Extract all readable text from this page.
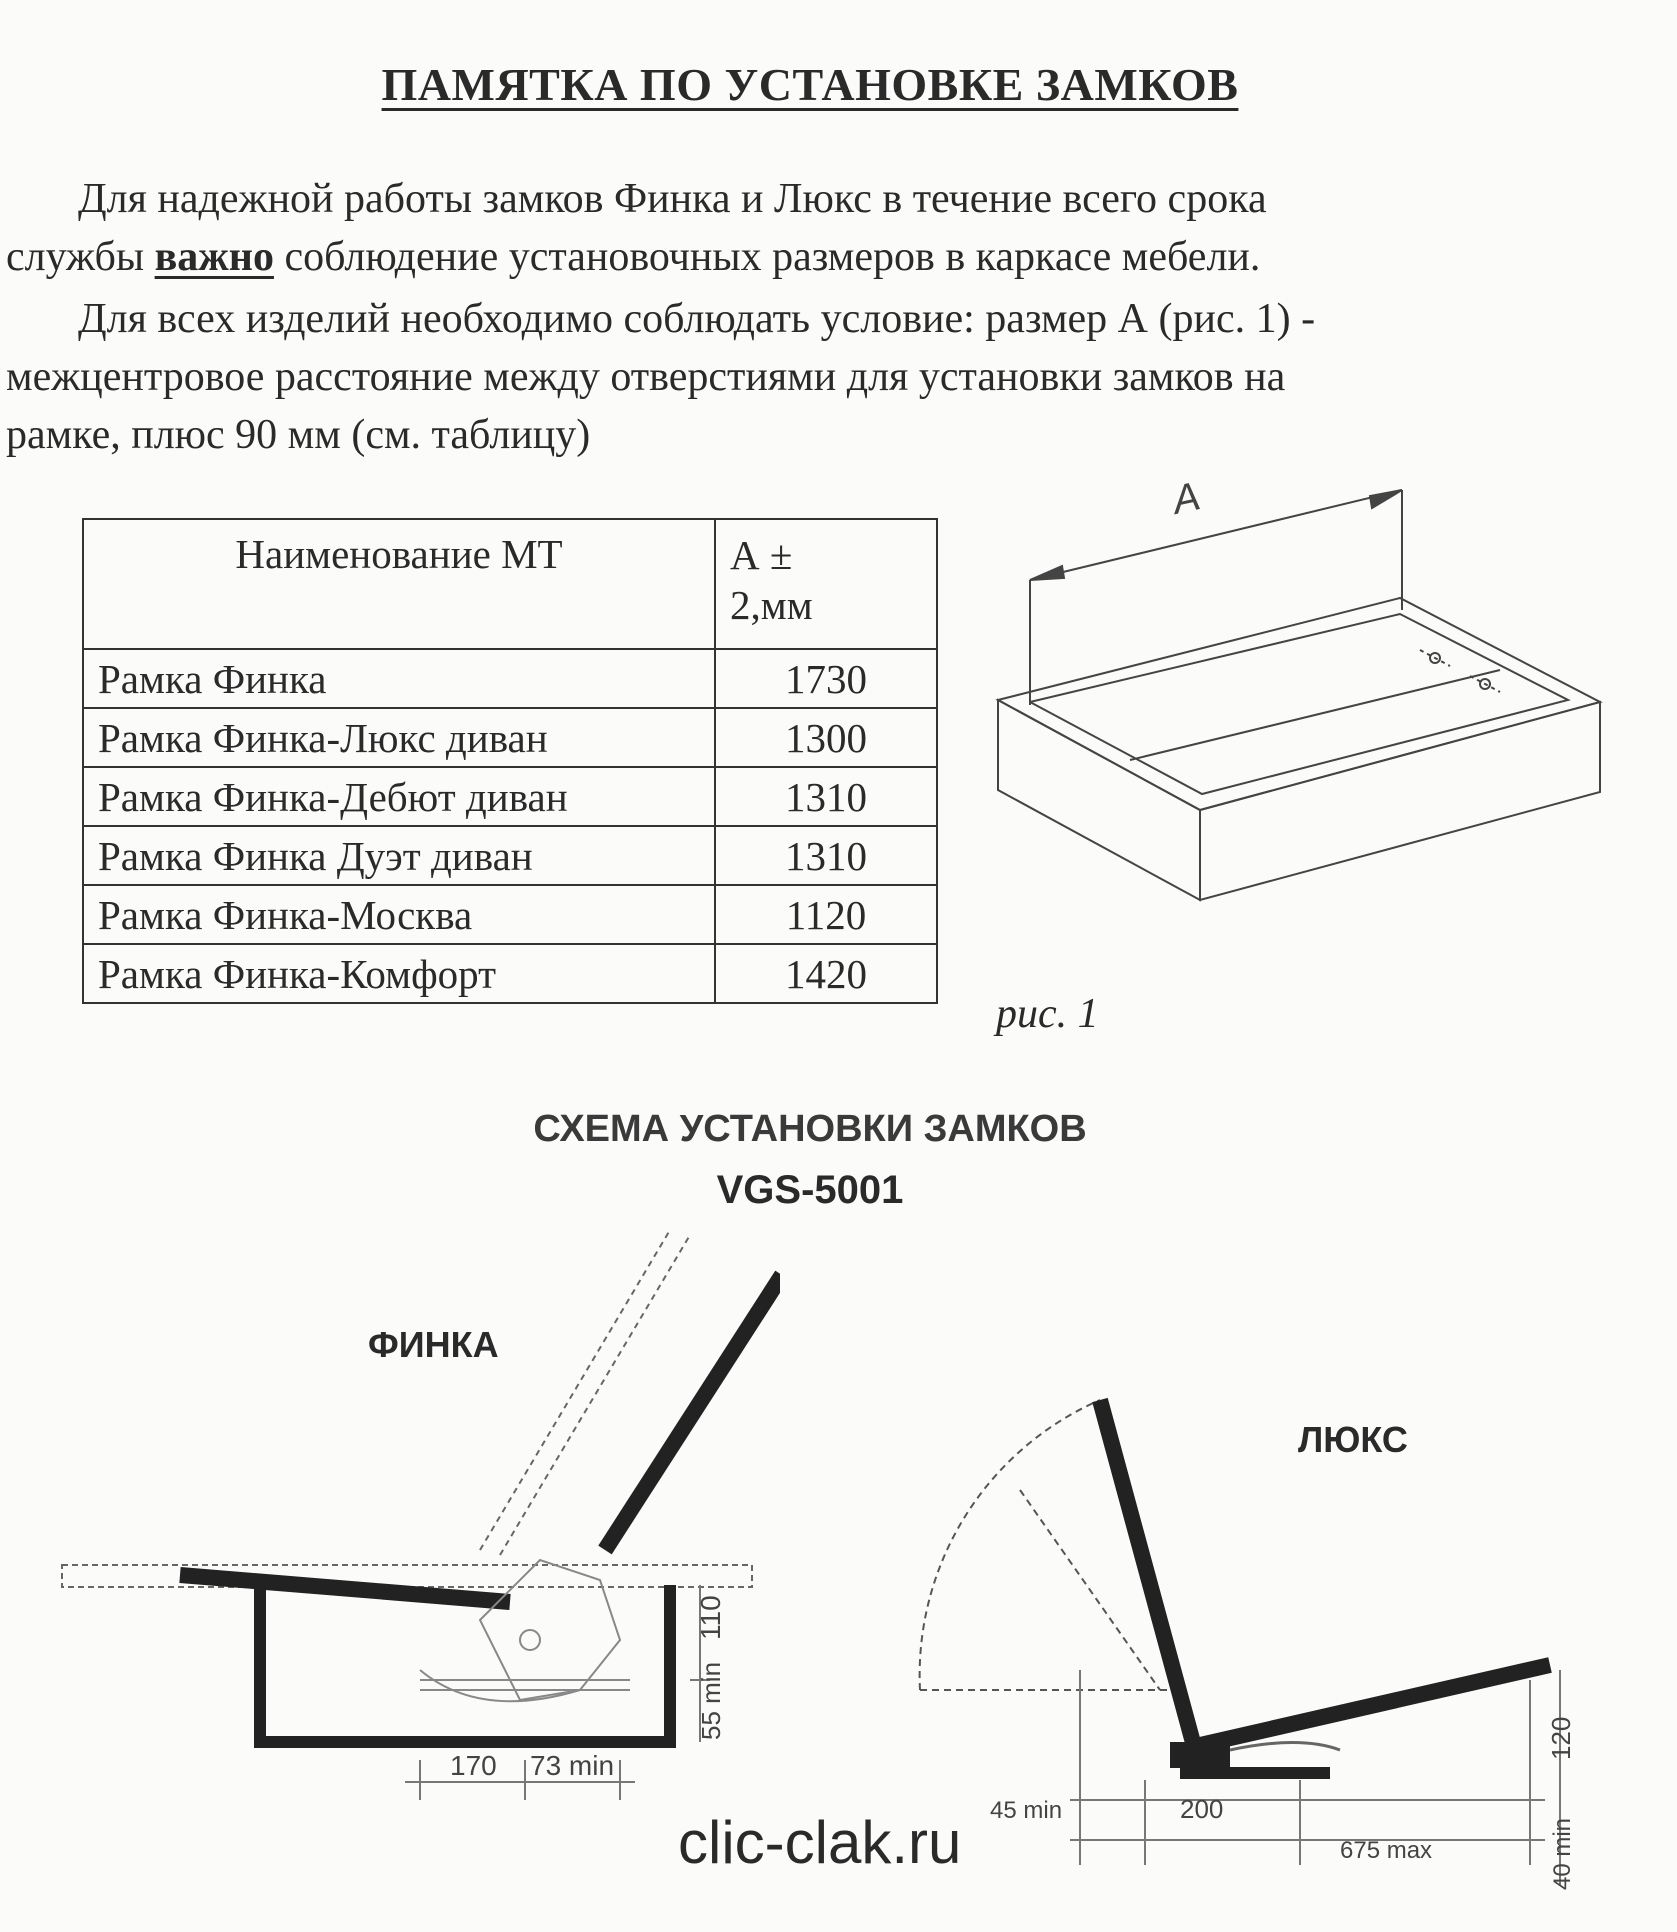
ПАМЯТКА ПО УСТАНОВКЕ ЗАМКОВ
Для надежной работы замков Финка и Люкс в течение всего срока
службы важно соблюдение установочных размеров в каркасе мебели.
Для всех изделий необходимо соблюдать условие: размер А (рис. 1) -
межцентровое расстояние между отверстиями для установки замков на
рамке, плюс 90 мм (см. таблицу)
Наименование МТ	А ±
2,мм

Рамка Финка	1730
Рамка Финка-Люкс диван	1300
Рамка Финка-Дебют диван	1310
Рамка Финка Дуэт диван	1310
Рамка Финка-Москва	1120
Рамка Финка-Комфорт	1420
А
рис. 1
СХЕМА УСТАНОВКИ ЗАМКОВ
VGS-5001
ФИНКА
ЛЮКС
110
55 min
170 73 min
120
40 min
45 min	200
675 max
clic-clak.ru
